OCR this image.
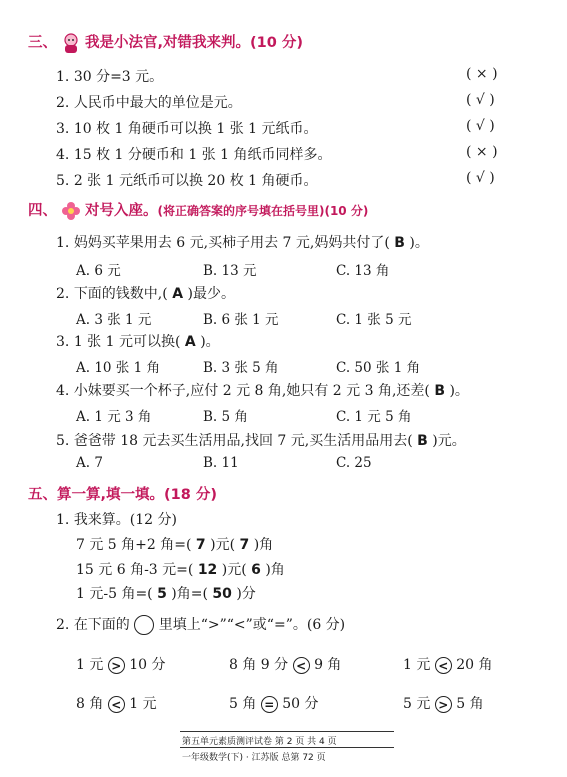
三、 我是小法官,对错我来判。(10 分)
1. 30 分=3 元。	( × )
2. 人民币中最大的单位是元。	( √ )
3. 10 枚 1 角硬币可以换 1 张 1 元纸币。	( √ )
4. 15 枚 1 分硬币和 1 张 1 角纸币同样多。	( × )
5. 2 张 1 元纸币可以换 20 枚 1 角硬币。	( √ )
四、 对号入座。(将正确答案的序号填在括号里)(10 分)
1. 妈妈买苹果用去 6 元,买柿子用去 7 元,妈妈共付了( B )。
A. 6 元	B. 13 元	C. 13 角
2. 下面的钱数中,( A )最少。
A. 3 张 1 元	B. 6 张 1 元	C. 1 张 5 元
3. 1 张 1 元可以换( A )。
A. 10 张 1 角	B. 3 张 5 角	C. 50 张 1 角
4. 小妹要买一个杯子,应付 2 元 8 角,她只有 2 元 3 角,还差( B )。
A. 1 元 3 角	B. 5 角	C. 1 元 5 角
5. 爸爸带 18 元去买生活用品,找回 7 元,买生活用品用去( B )元。
A. 7	B. 11	C. 25
五、算一算,填一填。(18 分)
1. 我来算。(12 分)
7 元 5 角+2 角=( 7 )元( 7 )角
15 元 6 角-3 元=( 12 )元( 6 )角
1 元-5 角=( 5 )角=( 50 )分
2. 在下面的 里填上“>”“<”或“=”。(6 分)
1 元 > 10 分	8 角 9 分 < 9 角	1 元 < 20 角
8 角 < 1 元	5 角 = 50 分	5 元 > 5 角
第五单元素质测评试卷 第 2 页 共 4 页
一年级数学(下) · 江苏版 总第 72 页
